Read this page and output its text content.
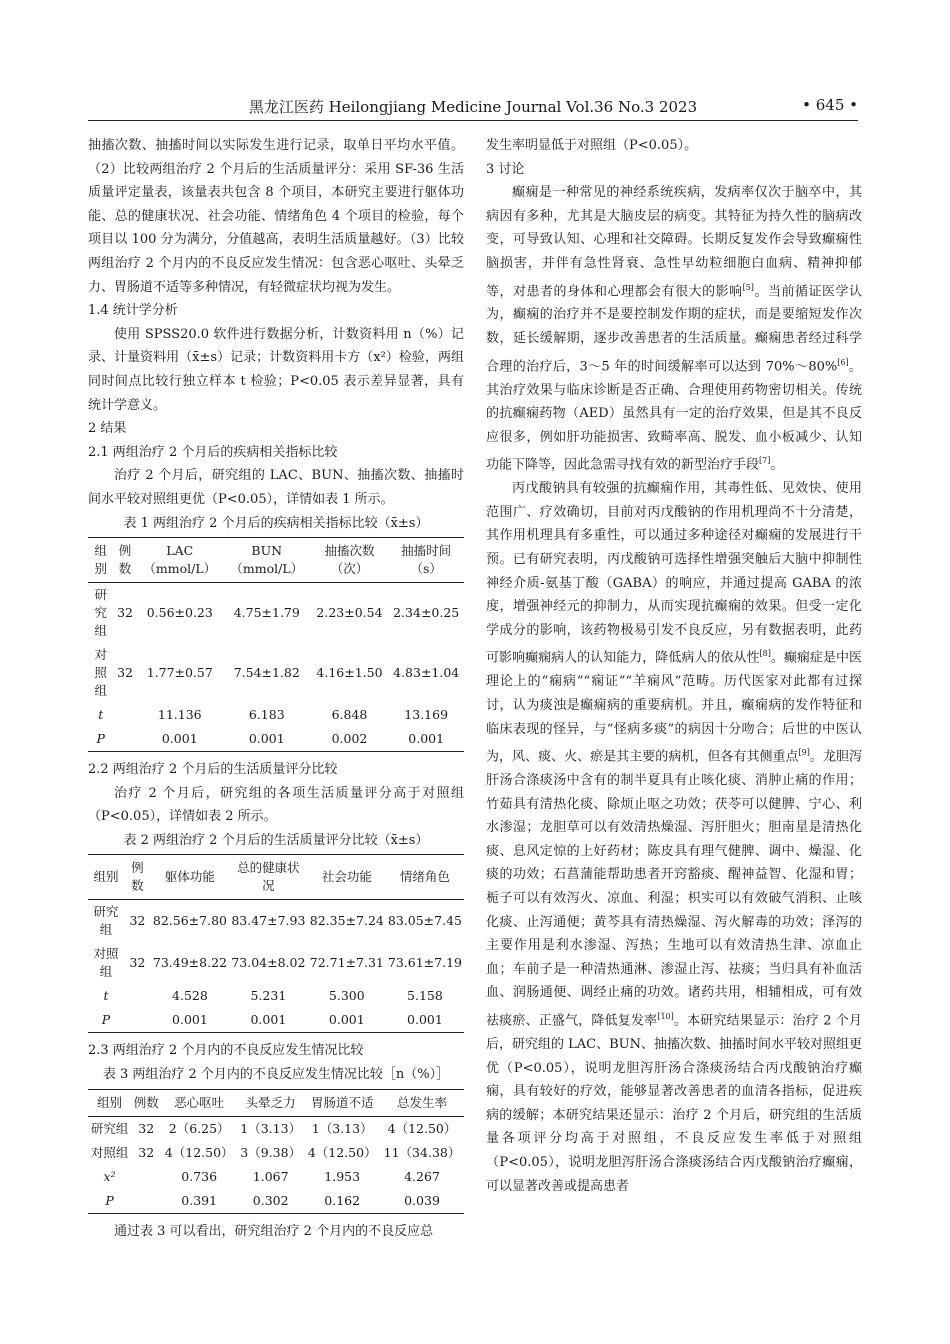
黑龙江医药 Heilongjiang Medicine Journal Vol.36 No.3 2023	• 645 •

抽搐次数、抽搐时间以实际发生进行记录，取单日平均水平值。（2）比较两组治疗 2 个月后的生活质量评分：采用 SF-36 生活质量评定量表，该量表共包含 8 个项目，本研究主要进行躯体功能、总的健康状况、社会功能、情绪角色 4 个项目的检验，每个项目以 100 分为满分，分值越高，表明生活质量越好。（3）比较两组治疗 2 个月内的不良反应发生情况：包含恶心呕吐、头晕乏力、胃肠道不适等多种情况，有轻微症状均视为发生。

1.4 统计学分析

使用 SPSS20.0 软件进行数据分析，计数资料用 n（%）记录、计量资料用（x̄±s）记录；计数资料用卡方（x²）检验，两组同时间点比较行独立样本 t 检验；P<0.05 表示差异显著，具有统计学意义。

2 结果

2.1 两组治疗 2 个月后的疾病相关指标比较

治疗 2 个月后，研究组的 LAC、BUN、抽搐次数、抽搐时间水平较对照组更优（P<0.05），详情如表 1 所示。

表 1 两组治疗 2 个月后的疾病相关指标比较（x̄±s）

组别	例数	LAC（mmol/L）	BUN（mmol/L）	抽搐次数（次）	抽搐时间（s）
研究组	32	0.56±0.23	4.75±1.79	2.23±0.54	2.34±0.25
对照组	32	1.77±0.57	7.54±1.82	4.16±1.50	4.83±1.04
t		11.136	6.183	6.848	13.169
P		0.001	0.001	0.002	0.001

2.2 两组治疗 2 个月后的生活质量评分比较

治疗 2 个月后，研究组的各项生活质量评分高于对照组（P<0.05），详情如表 2 所示。

表 2 两组治疗 2 个月后的生活质量评分比较（x̄±s）

组别	例数	躯体功能	总的健康状况	社会功能	情绪角色
研究组	32	82.56±7.80	83.47±7.93	82.35±7.24	83.05±7.45
对照组	32	73.49±8.22	73.04±8.02	72.71±7.31	73.61±7.19
t		4.528	5.231	5.300	5.158
P		0.001	0.001	0.001	0.001

2.3 两组治疗 2 个月内的不良反应发生情况比较

表 3 两组治疗 2 个月内的不良反应发生情况比较［n（%）］

组别	例数	恶心呕吐	头晕乏力	胃肠道不适	总发生率
研究组	32	2（6.25）	1（3.13）	1（3.13）	4（12.50）
对照组	32	4（12.50）	3（9.38）	4（12.50）	11（34.38）
x²		0.736	1.067	1.953	4.267
P		0.391	0.302	0.162	0.039

通过表 3 可以看出，研究组治疗 2 个月内的不良反应总

发生率明显低于对照组（P<0.05）。

3 讨论

癫痫是一种常见的神经系统疾病，发病率仅次于脑卒中，其病因有多种，尤其是大脑皮层的病变。其特征为持久性的脑病改变，可导致认知、心理和社交障碍。长期反复发作会导致癫痫性脑损害，并伴有急性肾衰、急性早幼粒细胞白血病、精神抑郁等，对患者的身体和心理都会有很大的影响[5]。当前循证医学认为，癫痫的治疗并不是要控制发作期的症状，而是要缩短发作次数，延长缓解期，逐步改善患者的生活质量。癫痫患者经过科学合理的治疗后，3～5 年的时间缓解率可以达到 70%～80%[6]。其治疗效果与临床诊断是否正确、合理使用药物密切相关。传统的抗癫痫药物（AED）虽然具有一定的治疗效果，但是其不良反应很多，例如肝功能损害、致畸率高、脱发、血小板减少、认知功能下降等，因此急需寻找有效的新型治疗手段[7]。

丙戊酸钠具有较强的抗癫痫作用，其毒性低、见效快、使用范围广、疗效确切，目前对丙戊酸钠的作用机理尚不十分清楚，其作用机理具有多重性，可以通过多种途径对癫痫的发展进行干预。已有研究表明，丙戊酸钠可选择性增强突触后大脑中抑制性神经介质-氨基丁酸（GABA）的响应，并通过提高 GABA 的浓度，增强神经元的抑制力，从而实现抗癫痫的效果。但受一定化学成分的影响，该药物极易引发不良反应，另有数据表明，此药可影响癫痫病人的认知能力，降低病人的依从性[8]。癫痫症是中医理论上的“痫病”“痫证”“羊痫风”范畴。历代医家对此都有过探讨，认为痰浊是癫痫病的重要病机。并且，癫痫病的发作特征和临床表现的怪异，与“怪病多痰”的病因十分吻合；后世的中医认为，风、痰、火、瘀是其主要的病机，但各有其侧重点[9]。龙胆泻肝汤合涤痰汤中含有的制半夏具有止咳化痰、消肿止痛的作用；竹茹具有清热化痰、除烦止呕之功效；茯苓可以健脾、宁心、利水渗湿；龙胆草可以有效清热燥湿、泻肝胆火；胆南星是清热化痰、息风定惊的上好药材；陈皮具有理气健脾、调中、燥湿、化痰的功效；石菖蒲能帮助患者开窍豁痰、醒神益智、化湿和胃；栀子可以有效泻火、凉血、利湿；枳实可以有效破气消积、止咳化痰、止泻通便；黄芩具有清热燥湿、泻火解毒的功效；泽泻的主要作用是利水渗湿、泻热；生地可以有效清热生津、凉血止血；车前子是一种清热通淋、渗湿止泻、祛痰；当归具有补血活血、润肠通便、调经止痛的功效。诸药共用，相辅相成，可有效祛痰瘀、正盛气，降低复发率[10]。本研究结果显示：治疗 2 个月后，研究组的 LAC、BUN、抽搐次数、抽搐时间水平较对照组更优（P<0.05），说明龙胆泻肝汤合涤痰汤结合丙戊酸钠治疗癫痫，具有较好的疗效，能够显著改善患者的血清各指标，促进疾病的缓解；本研究结果还显示：治疗 2 个月后，研究组的生活质量各项评分均高于对照组，不良反应发生率低于对照组（P<0.05），说明龙胆泻肝汤合涤痰汤结合丙戊酸钠治疗癫痫，可以显著改善或提高患者
